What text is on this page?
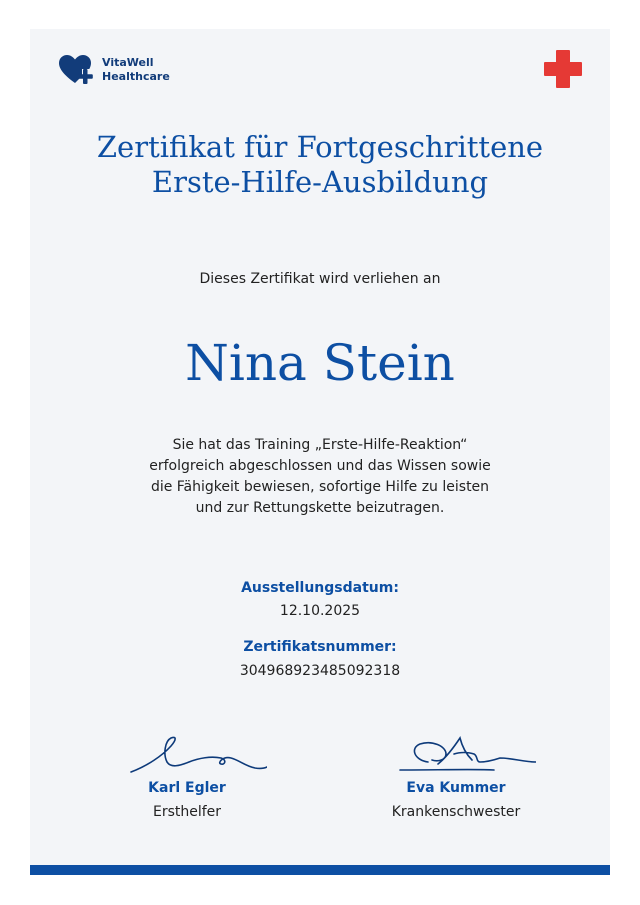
VitaWell
Healthcare
Zertifikat für Fortgeschrittene
Erste-Hilfe-Ausbildung
Dieses Zertifikat wird verliehen an
Nina Stein
Sie hat das Training „Erste-Hilfe-Reaktion“
erfolgreich abgeschlossen und das Wissen sowie
die Fähigkeit bewiesen, sofortige Hilfe zu leisten
und zur Rettungskette beizutragen.
Ausstellungsdatum:
12.10.2025
Zertifikatsnummer:
304968923485092318
Karl Egler
Ersthelfer
Eva Kummer
Krankenschwester
